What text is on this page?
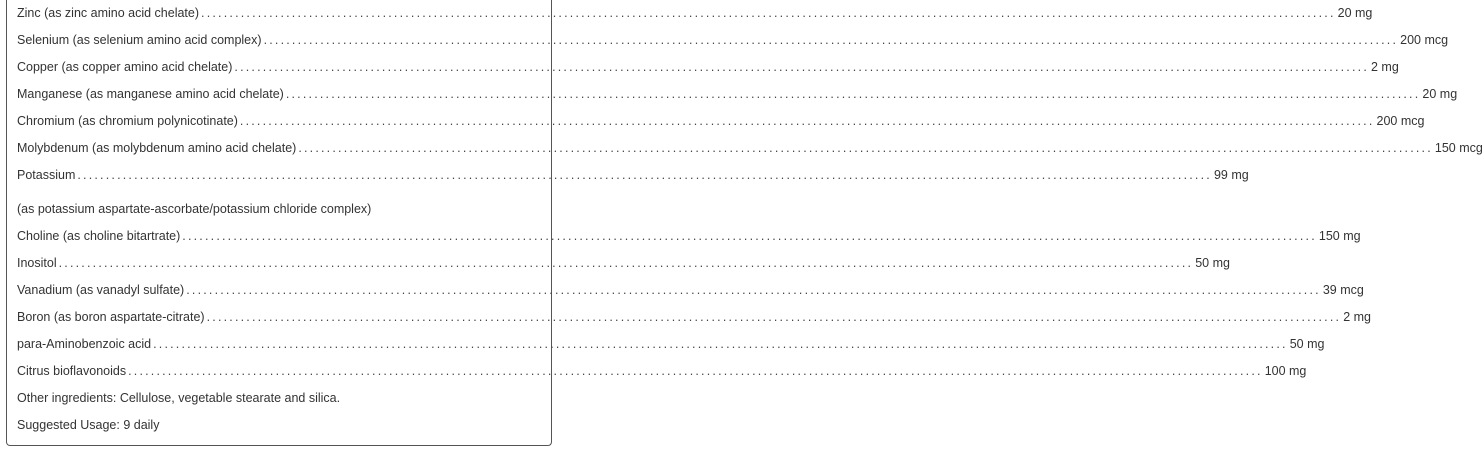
Zinc (as zinc amino acid chelate) ........................................................................................................................................................................................................ 20 mg
Selenium (as selenium amino acid complex) ........................................................................................................................................................................................................ 200 mcg
Copper (as copper amino acid chelate) ........................................................................................................................................................................................................ 2 mg
Manganese (as manganese amino acid chelate) ........................................................................................................................................................................................................ 20 mg
Chromium (as chromium polynicotinate) ........................................................................................................................................................................................................ 200 mcg
Molybdenum (as molybdenum amino acid chelate) ........................................................................................................................................................................................................ 150 mcg
Potassium ........................................................................................................................................................................................................ 99 mg
(as potassium aspartate-ascorbate/potassium chloride complex)
Choline (as choline bitartrate) ........................................................................................................................................................................................................ 150 mg
Inositol ........................................................................................................................................................................................................ 50 mg
Vanadium (as vanadyl sulfate) ........................................................................................................................................................................................................ 39 mcg
Boron (as boron aspartate-citrate) ........................................................................................................................................................................................................ 2 mg
para-Aminobenzoic acid ........................................................................................................................................................................................................ 50 mg
Citrus bioflavonoids ........................................................................................................................................................................................................ 100 mg
Other ingredients: Cellulose, vegetable stearate and silica.
Suggested Usage: 9 daily
